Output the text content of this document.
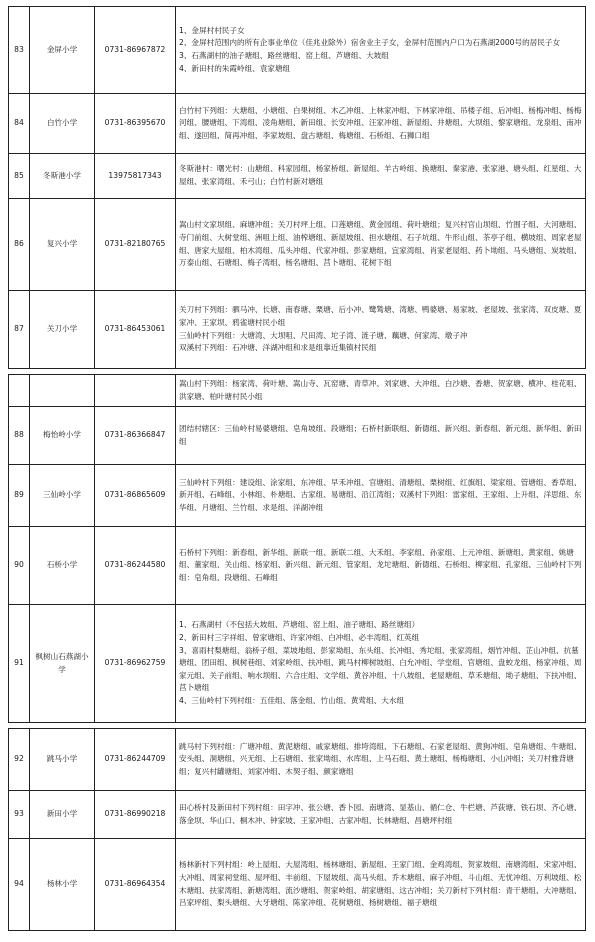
83	金屏小学	0731-86967872	1、金屏村村民子女
2、金屏村范围内的所有企事业单位（佳兆业除外）宿舍业主子女，金屏村范围内户口为石燕湖2000号的居民子女
3、石燕湖村的油子塘组、路丝塘组、窑上组、芦塘组、大坡组
4、新田村的朱霞岭组、袁家塘组

84	白竹小学	0731-86395670	白竹村下列组：大塘组、小塘组、白果树组、木乙冲组、上林家冲组、下林家冲组、吊楼子组、后冲组、杨梅冲组、杨梅河组、腰塘组、下湾组、凌角塘组、新田组、长安冲组、汪家冲组、新屋组、井塘组、大坝组、黎家塘组、龙泉组、南冲组、遂回组、简再冲组、李家坡组、盘古塘组、梅塘组、石桥组、石狮口组

85	冬斯港小学	13975817343	冬斯港村：曙光村：山塘组、科家园组、杨家桥组、新屋组、羊古岭组、换塘组、秦家港、张家港、塘头组、红星组、大屋组、张家湾组、禾弓山；白竹村新对塘组

86	复兴小学	0731-82180765	嵩山村文家坝组、麻塘冲组；关刀村坪上组、口莲塘组、黄金园组、荷叶塘组；复兴村官山坝组、竹围子组、大河塘组、寺门前组、大树堂组、洲咀上组、油榨塘组、新屋坡组、担水塘组、石子坑组、牛形山组、茶亭子组、横坡组、周家老屋组、唐家大屋组、柏木湾组、瓜头冲组、代家冲组、彭家塘组、宜家湾组、肖家老屋组、药卜坳组、马头塘组、炭坡组、万泰山组、石塘组、梅子湾组、杨名塘组、莒卜塘组、花树下组

87	关刀小学	0731-86453061	关刀村下列组：驷马冲、长塘、南春塘、栗塘、后小冲、鹭鸶塘、湾塘、鸭婆塘、易家坡、老屋坡、张家湾、双皮塘、夏家冲、王家坝、鸦雀塘村民小组
三仙岭村下列组：大塘湾、大坝咀、尺田湾、坨子湾、涟子塘、藕塘、何家湾、墩子冲
双溪村下列组：石冲塘、洋湖冲组和求是组靠近集镇村民组

			嵩山村下列组：杨家湾、荷叶塘、嵩山寺、瓦窑塘、青草冲、刘家塘、大冲组、白沙塘、香塘、贺家塘、横冲、桂花咀、洪家塘、柏叶塘村民小组

88	梅怡岭小学	0731-86366847	团结村辖区：三仙岭村易婆塘组、皂角坡组、段塘组；石桥村新联组、新德组、新兴组、新春组、新元组、新华组、新田组

89	三仙岭小学	0731-86865609	三仙岭村下列组：建设组、涂家组、东冲组、早禾冲组、官塘组、清塘组、栗树组、红旗组、梁家组、管塘组、香草组、新开组、石峰组、小林组、朴塘组、古家组、易塘组、沿江湾组；双溪村下列组：雷家组、王家组、上升组、洋思组、东华组、月塘组、兰竹组、求是组、洋湖冲组

90	石桥小学	0731-86244580	石桥村下列组：新春组、新华组、新联一组、新联二组、大禾组、李家组、孙家组、上元冲组、新塘组、黄家组、姚塘组、董家组、关山组、杨家组、新兴组、新元组、管家组、龙坨塘组、新德组、石桥组、柳家组、孔家组、三仙岭村下列组：皂角组、段塘组、石峰组

91	枫树山石燕湖小学	0731-86962759	1、石燕湖村（不包括大坡组、芦塘组、窑上组、油子塘组、路丝塘组）
2、新田村三字祥组、曾家塘组、许家冲组、白冲组、必丰湾组、红英组
3、喜雨村梨塘组、翁桥子组、菜坡地组、彭家坳组、东头组、长冲组、秀坨组、张家湾组、烟竹冲组、芷山冲组、抗墓塘组、团田组、枫树巷组、刘家岭组、扶冲组、跳马村柳树坡组、白允冲组、学堂组、官塘组、盘蛟龙组、杨家冲组、周家元组、关子前组、响水坝组、六合庄组、文学组、黄谷冲组、十八坡组、老屋塘组、草禾塘组、坳子塘组、下扶冲组、莒卜塘组
4、三仙岭村下列村组：五佳组、落金组、竹山组、黄莺组、大水组
92	跳马小学	0731-86244709	跳马村下列村组：广塘冲组、黄泥塘组、戚家塘组、排垮湾组、下石塘组、石家老屋组、黄狗冲组、皂角塘组、牛塘组、安头组、洞塘组、兴无组、上石塘组、张家坳组、水库组、上马石组、黄土塘组、杨梅塘组、小山冲组；关刀村雅背塘组；复兴村罐塘组、刘家冲组、木契子组、颜家塘组

93	新田小学	0731-86990218	田心桥村及新田村下列村组：田字冲、张公塘、香卜园、南塘湾、显基山、循仁仓、牛栏塘、芦荻塘、铁石坝、齐心塘、落金坝、华山口、桐木冲、钟家坡、王家冲组、古家冲组、长林塘组、昌塘坪村组

94	杨林小学	0731-86964354	杨林新村下列村组：岭上屋组、大屋湾组、杨林塘组、新屋组、王家门组、金鸡湾组、贺家坡组、南塘湾组、宋家冲组、大冲组、周家祠堂组、屋坪组、丰前组、下屋坡组、高马头组、乔木塘组、麻子冲组、斗山组、无忧冲组、万利坡组、松木塘组、扶家湾组、新塘湾组、流沙塘组、贺家岭组、胡家塘组、这古冲组；关刀新村下列村组：青干塘组、大冲塘组、吕家坪组、梨头塘组、大牙塘组、陈家冲组、花树塘组、杨树塘组、福子塘组
